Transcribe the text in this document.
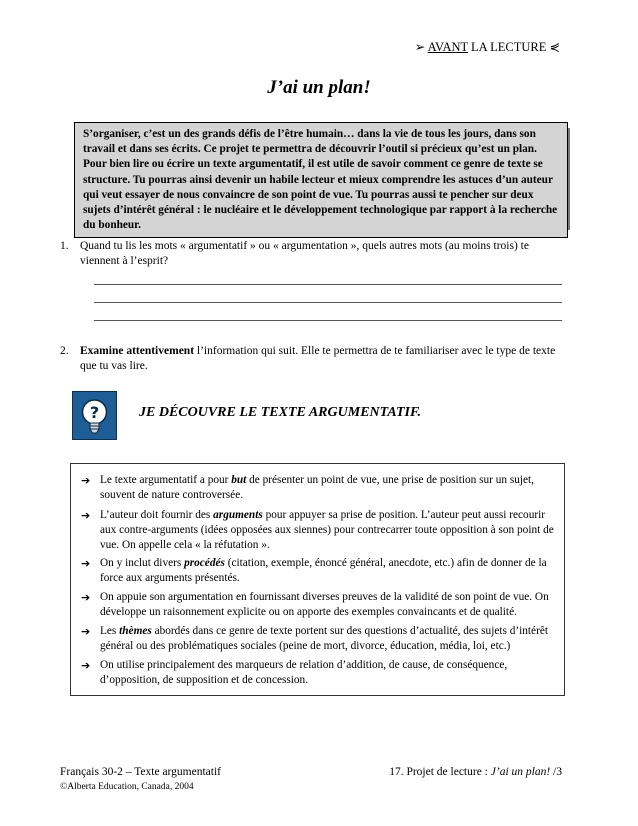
➢ AVANT LA LECTURE ⋞
J’ai un plan!
S’organiser, c’est un des grands défis de l’être humain… dans la vie de tous les jours, dans son travail et dans ses écrits. Ce projet te permettra de découvrir l’outil si précieux qu’est un plan. Pour bien lire ou écrire un texte argumentatif, il est utile de savoir comment ce genre de texte se structure. Tu pourras ainsi devenir un habile lecteur et mieux comprendre les astuces d’un auteur qui veut essayer de nous convaincre de son point de vue. Tu pourras aussi te pencher sur deux sujets d’intérêt général : le nucléaire et le développement technologique par rapport à la recherche du bonheur.
1. Quand tu lis les mots « argumentatif » ou « argumentation », quels autres mots (au moins trois) te viennent à l’esprit?
2. Examine attentivement l’information qui suit. Elle te permettra de te familiariser avec le type de texte que tu vas lire.
?	JE DÉCOUVRE LE TEXTE ARGUMENTATIF.
➔ Le texte argumentatif a pour but de présenter un point de vue, une prise de position sur un sujet, souvent de nature controversée.
➔ L’auteur doit fournir des arguments pour appuyer sa prise de position. L’auteur peut aussi recourir aux contre-arguments (idées opposées aux siennes) pour contrecarrer toute opposition à son point de vue. On appelle cela « la réfutation ».
➔ On y inclut divers procédés (citation, exemple, énoncé général, anecdote, etc.) afin de donner de la force aux arguments présentés.
➔ On appuie son argumentation en fournissant diverses preuves de la validité de son point de vue. On développe un raisonnement explicite ou on apporte des exemples convaincants et de qualité.
➔ Les thèmes abordés dans ce genre de texte portent sur des questions d’actualité, des sujets d’intérêt général ou des problématiques sociales (peine de mort, divorce, éducation, média, loi, etc.)
➔ On utilise principalement des marqueurs de relation d’addition, de cause, de conséquence, d’opposition, de supposition et de concession.
Français 30-2 – Texte argumentatif
©Alberta Education, Canada, 2004
17. Projet de lecture : J’ai un plan! /3
